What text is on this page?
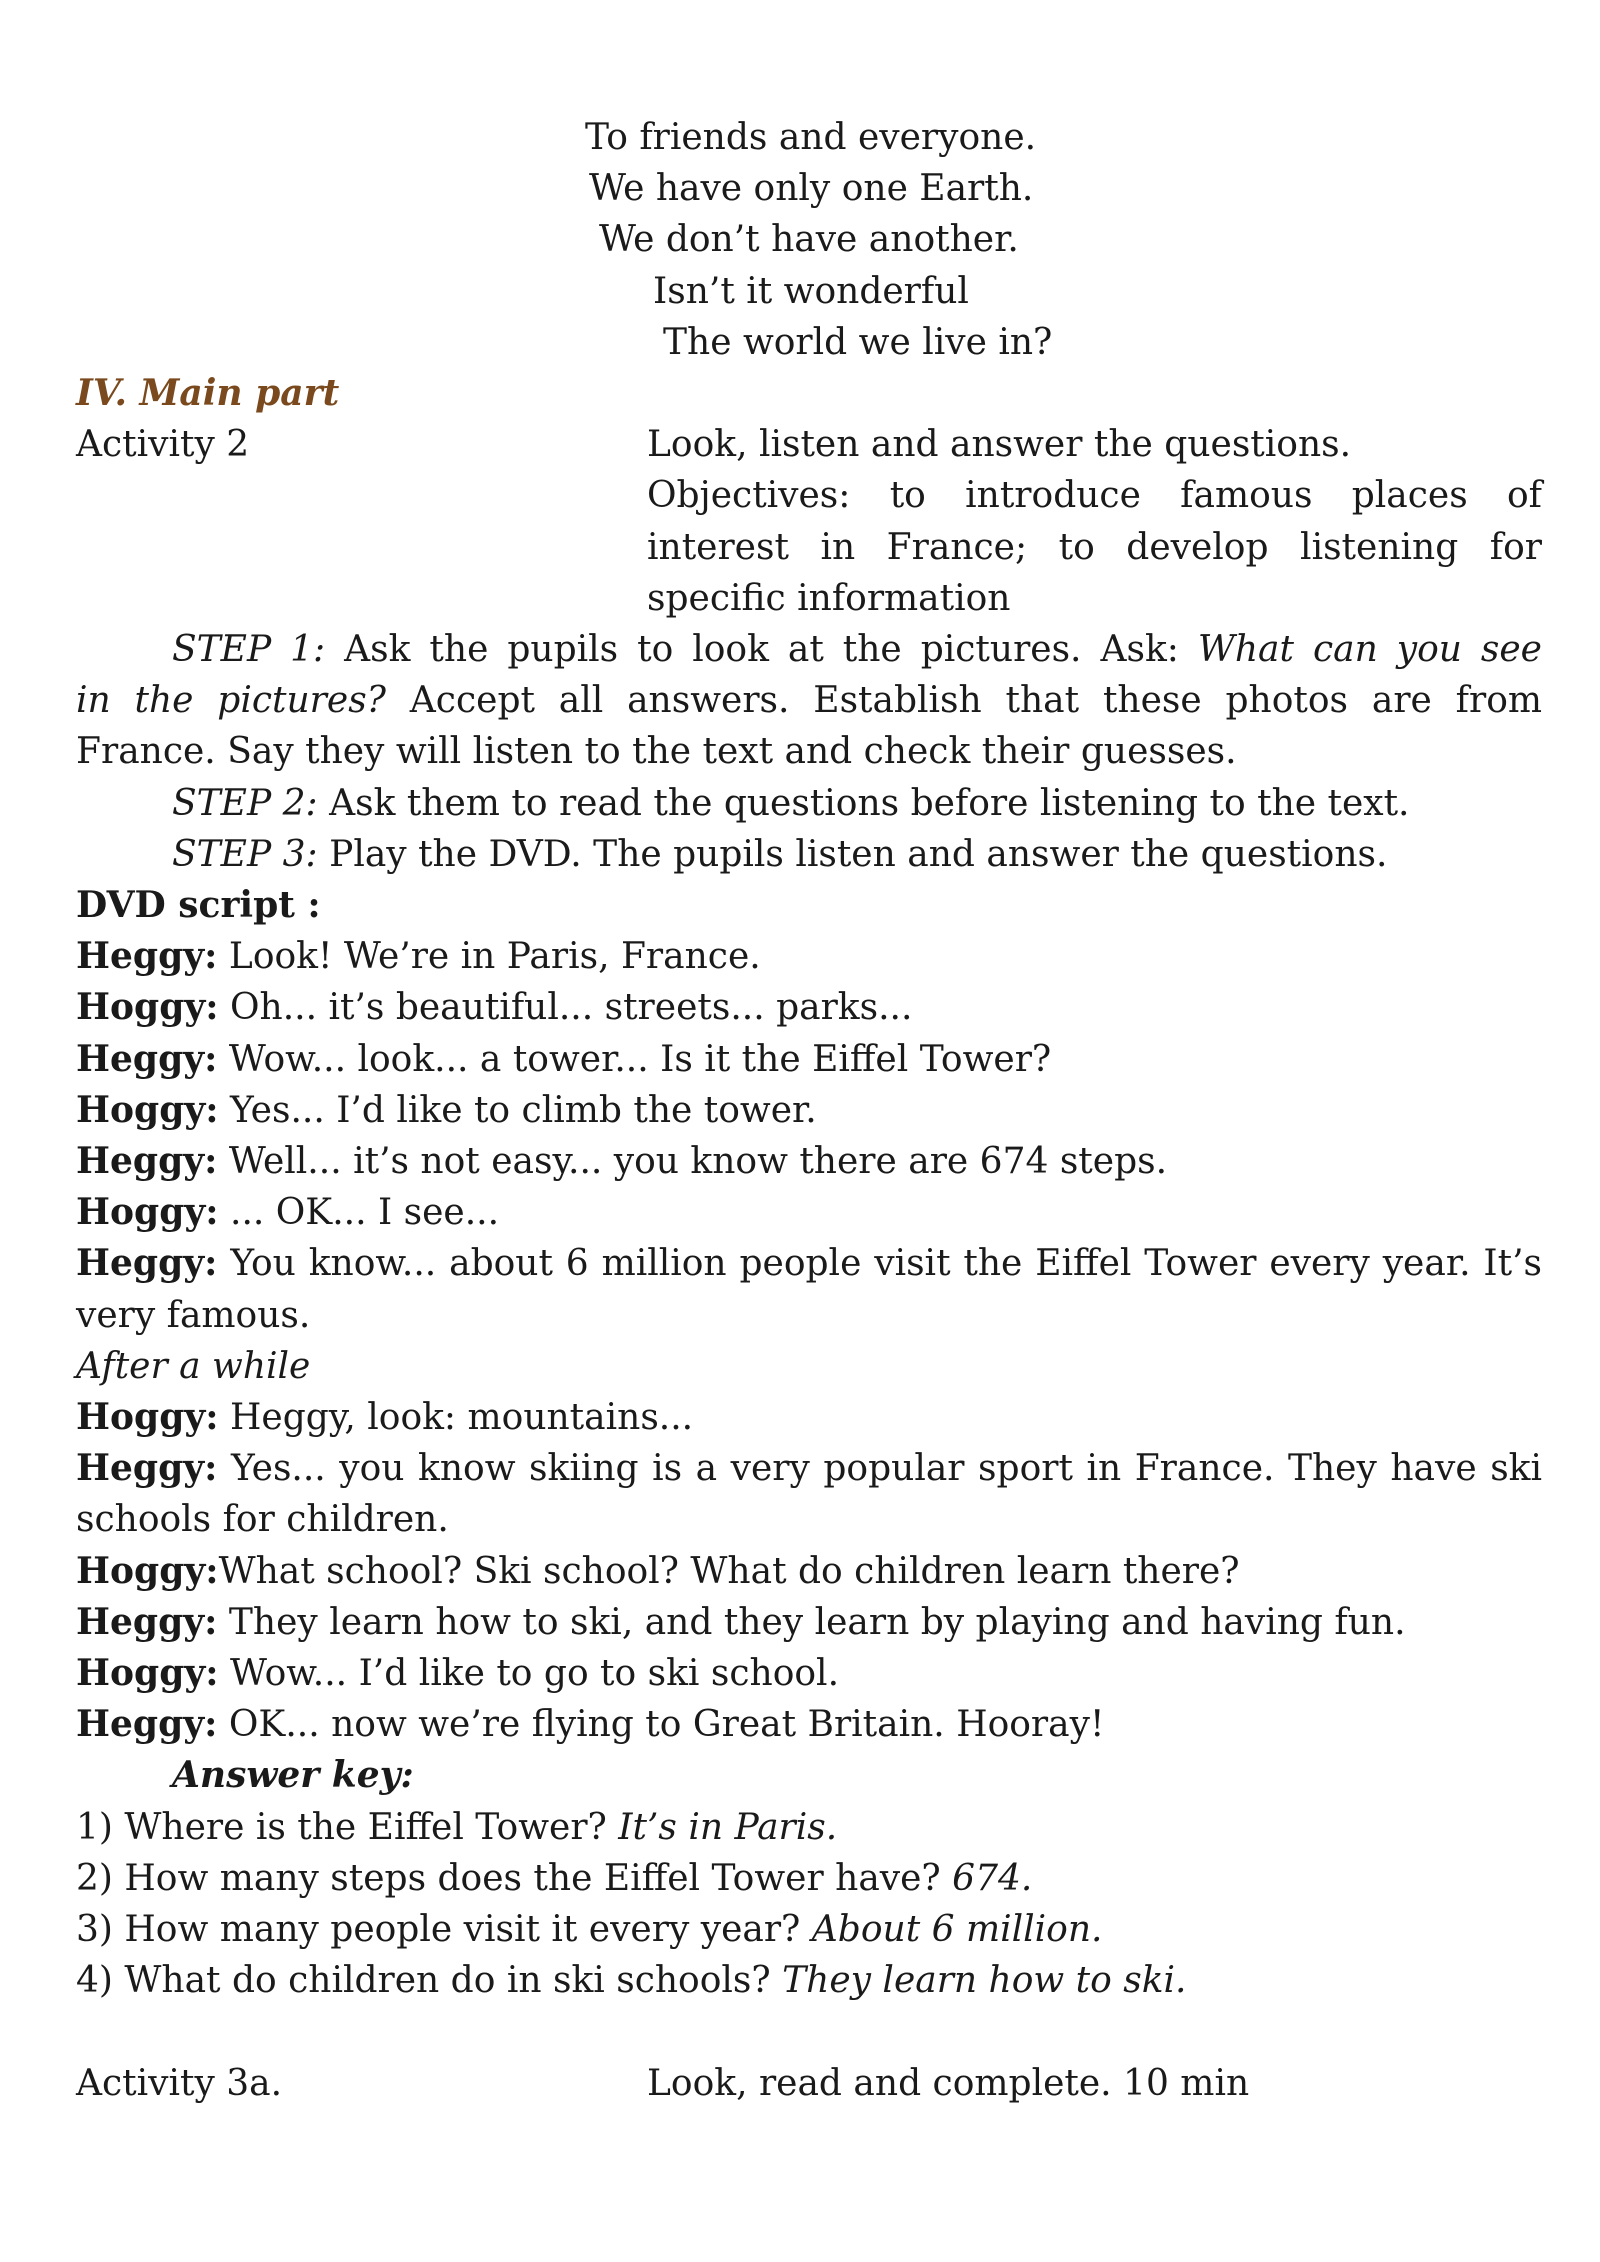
To friends and everyone.
We have only one Earth.
We don’t have another.
Isn’t it wonderful
The world we live in?
IV. Main part
Activity 2	Look, listen and answer the questions.
Objectives: to introduce famous places of interest in France; to develop listening for specific information
STEP 1: Ask the pupils to look at the pictures. Ask: What can you see
in the pictures? Accept all answers. Establish that these photos are from France. Say they will listen to the text and check their guesses.
STEP 2: Ask them to read the questions before listening to the text.
STEP 3: Play the DVD. The pupils listen and answer the questions.
DVD script :
Heggy: Look! We’re in Paris, France.
Hoggy: Oh... it’s beautiful... streets... parks...
Heggy: Wow... look... a tower... Is it the Eiffel Tower?
Hoggy: Yes... I’d like to climb the tower.
Heggy: Well... it’s not easy... you know there are 674 steps.
Hoggy: ... OK... I see...
Heggy: You know... about 6 million people visit the Eiffel Tower every year. It’s very famous.
After a while
Hoggy: Heggy, look: mountains...
Heggy: Yes... you know skiing is a very popular sport in France. They have ski schools for children.
Hoggy:What school? Ski school? What do children learn there?
Heggy: They learn how to ski, and they learn by playing and having fun.
Hoggy: Wow... I’d like to go to ski school.
Heggy: OK... now we’re flying to Great Britain. Hooray!
Answer key:
1) Where is the Eiffel Tower? It’s in Paris.
2) How many steps does the Eiffel Tower have? 674.
3) How many people visit it every year? About 6 million.
4) What do children do in ski schools? They learn how to ski.
Activity 3a.	Look, read and complete. 10 min
